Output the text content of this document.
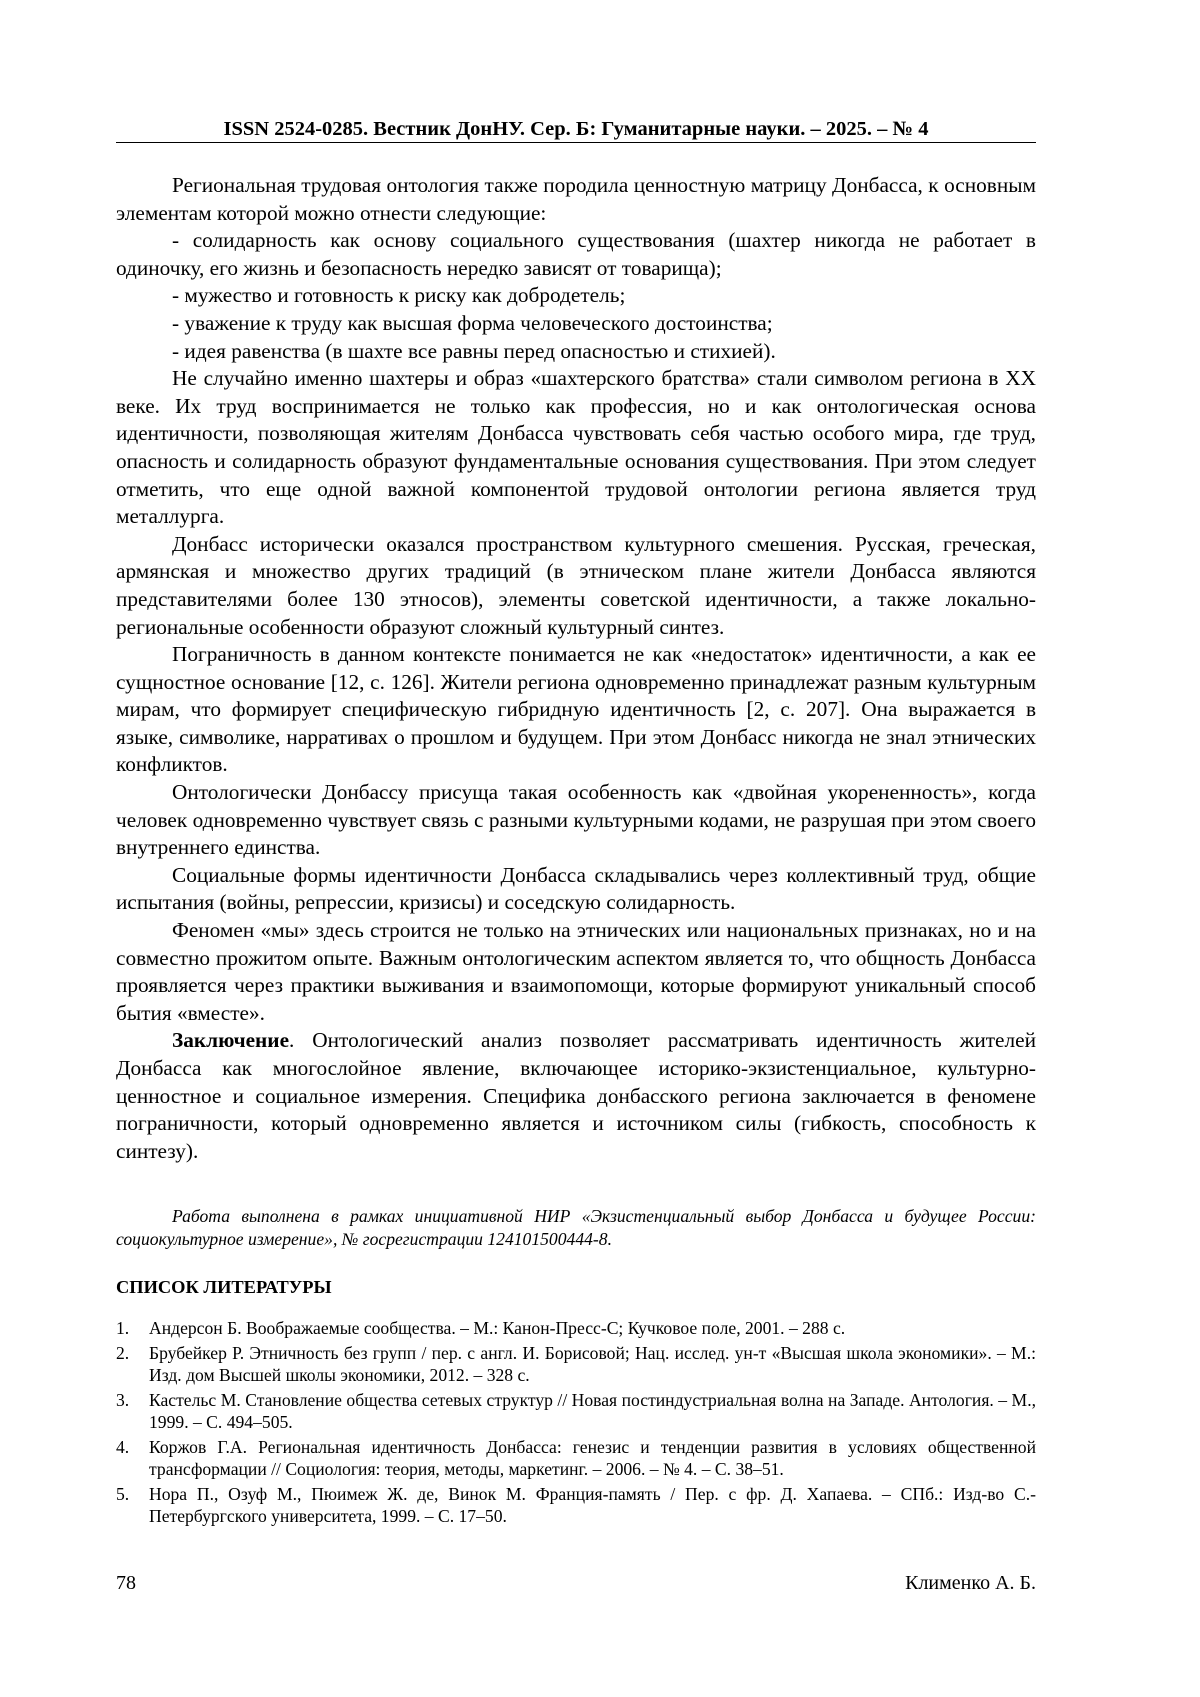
ISSN 2524-0285. Вестник ДонНУ. Сер. Б: Гуманитарные науки. – 2025. – № 4

Региональная трудовая онтология также породила ценностную матрицу Донбасса, к основным элементам которой можно отнести следующие:

- солидарность как основу социального существования (шахтер никогда не работает в одиночку, его жизнь и безопасность нередко зависят от товарища);

- мужество и готовность к риску как добродетель;

- уважение к труду как высшая форма человеческого достоинства;

- идея равенства (в шахте все равны перед опасностью и стихией).

Не случайно именно шахтеры и образ «шахтерского братства» стали символом региона в XX веке. Их труд воспринимается не только как профессия, но и как онтологическая основа идентичности, позволяющая жителям Донбасса чувствовать себя частью особого мира, где труд, опасность и солидарность образуют фундаментальные основания существования. При этом следует отметить, что еще одной важной компонентой трудовой онтологии региона является труд металлурга.

Донбасс исторически оказался пространством культурного смешения. Русская, греческая, армянская и множество других традиций (в этническом плане жители Донбасса являются представителями более 130 этносов), элементы советской идентичности, а также локально-региональные особенности образуют сложный культурный синтез.

Пограничность в данном контексте понимается не как «недостаток» идентичности, а как ее сущностное основание [12, с. 126]. Жители региона одновременно принадлежат разным культурным мирам, что формирует специфическую гибридную идентичность [2, с. 207]. Она выражается в языке, символике, нарративах о прошлом и будущем. При этом Донбасс никогда не знал этнических конфликтов.

Онтологически Донбассу присуща такая особенность как «двойная укорененность», когда человек одновременно чувствует связь с разными культурными кодами, не разрушая при этом своего внутреннего единства.

Социальные формы идентичности Донбасса складывались через коллективный труд, общие испытания (войны, репрессии, кризисы) и соседскую солидарность.

Феномен «мы» здесь строится не только на этнических или национальных признаках, но и на совместно прожитом опыте. Важным онтологическим аспектом является то, что общность Донбасса проявляется через практики выживания и взаимопомощи, которые формируют уникальный способ бытия «вместе».

Заключение. Онтологический анализ позволяет рассматривать идентичность жителей Донбасса как многослойное явление, включающее историко-экзистенциальное, культурно-ценностное и социальное измерения. Специфика донбасского региона заключается в феномене пограничности, который одновременно является и источником силы (гибкость, способность к синтезу).

Работа выполнена в рамках инициативной НИР «Экзистенциальный выбор Донбасса и будущее России: социокультурное измерение», № госрегистрации 124101500444-8.
СПИСОК ЛИТЕРАТУРЫ
1. Андерсон Б. Воображаемые сообщества. – М.: Канон-Пресс-С; Кучковое поле, 2001. – 288 с.
2. Брубейкер Р. Этничность без групп / пер. с англ. И. Борисовой; Нац. исслед. ун-т «Высшая школа экономики». – М.: Изд. дом Высшей школы экономики, 2012. – 328 с.
3. Кастельс М. Становление общества сетевых структур // Новая постиндустриальная волна на Западе. Антология. – М., 1999. – С. 494–505.
4. Коржов Г.А. Региональная идентичность Донбасса: генезис и тенденции развития в условиях общественной трансформации // Социология: теория, методы, маркетинг. – 2006. – № 4. – С. 38–51.
5. Нора П., Озуф М., Пюимеж Ж. де, Винок М. Франция-память / Пер. с фр. Д. Хапаева. – СПб.: Изд-во С.-Петербургского университета, 1999. – С. 17–50.
78	Клименко А. Б.
